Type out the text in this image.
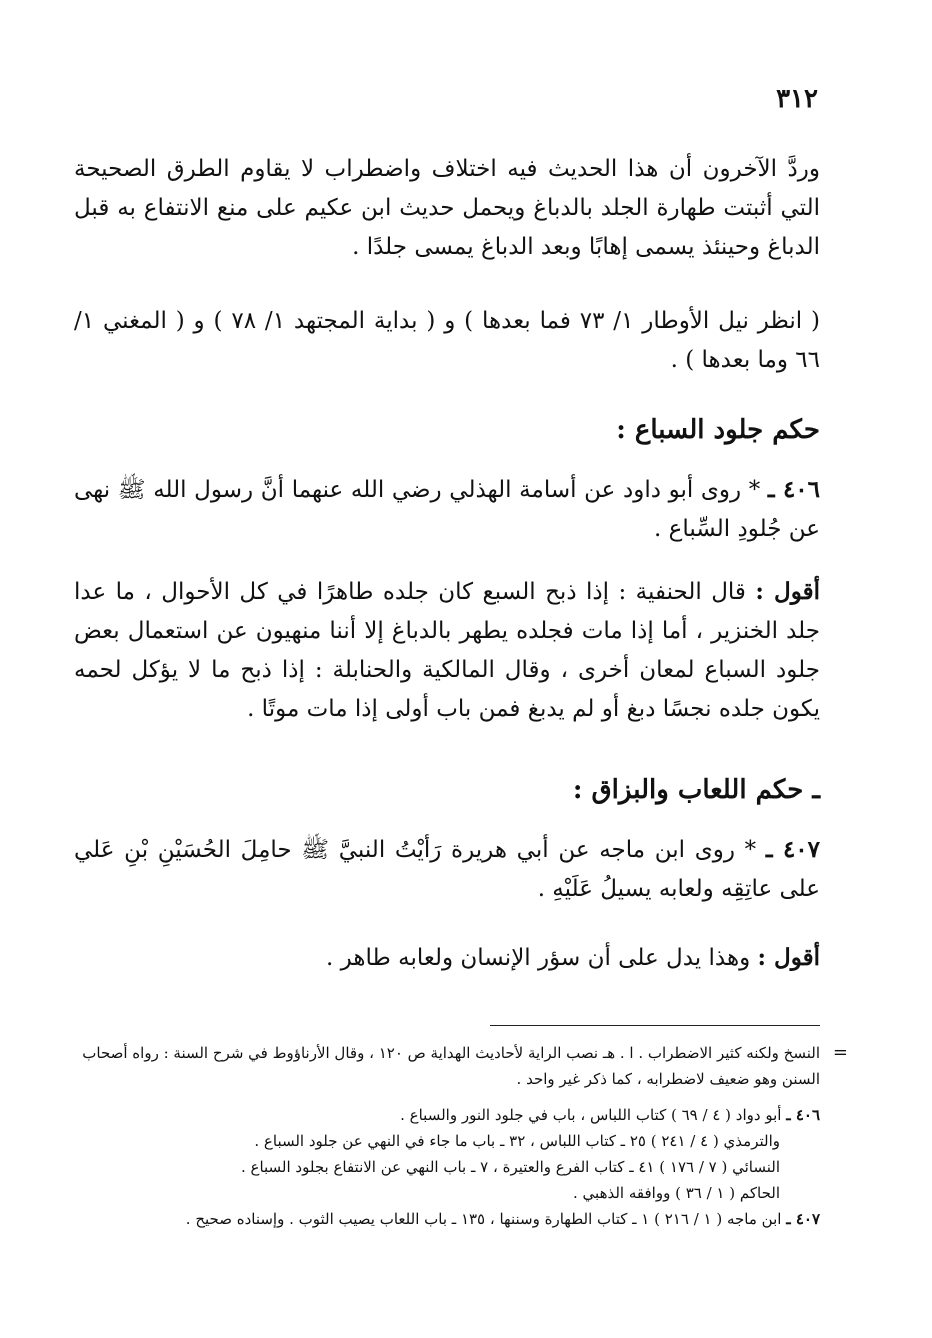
٣١٢

وردَّ الآخرون أن هذا الحديث فيه اختلاف واضطراب لا يقاوم الطرق الصحيحة التي أثبتت طهارة الجلد بالدباغ ويحمل حديث ابن عكيم على منع الانتفاع به قبل الدباغ وحينئذ يسمى إهابًا وبعد الدباغ يمسى جلدًا .

( انظر نيل الأوطار ١/ ٧٣ فما بعدها ) و ( بداية المجتهد ١/ ٧٨ ) و ( المغني ١/ ٦٦ وما بعدها ) .

حكم جلود السباع :

٤٠٦ ـ * روى أبو داود عن أسامة الهذلي رضي الله عنهما أنَّ رسول الله ﷺ نهى عن جُلودِ السِّباع .

أقول : قال الحنفية : إذا ذبح السبع كان جلده طاهرًا في كل الأحوال ، ما عدا جلد الخنزير ، أما إذا مات فجلده يطهر بالدباغ إلا أننا منهيون عن استعمال بعض جلود السباع لمعان أخرى ، وقال المالكية والحنابلة : إذا ذبح ما لا يؤكل لحمه يكون جلده نجسًا دبغ أو لم يدبغ فمن باب أولى إذا مات موتًا .

ـ حكم اللعاب والبزاق :

٤٠٧ ـ * روى ابن ماجه عن أبي هريرة رَأيْتُ النبيَّ ﷺ حامِلَ الحُسَيْنِ بْنِ عَلي على عاتِقِه ولعابه يسيلُ عَلَيْهِ .

أقول : وهذا يدل على أن سؤر الإنسان ولعابه طاهر .

=
النسخ ولكنه كثير الاضطراب . ا . هـ نصب الراية لأحاديث الهداية ص ١٢٠ ، وقال الأرناؤوط في شرح السنة : رواه أصحاب السنن وهو ضعيف لاضطرابه ، كما ذكر غير واحد .
٤٠٦ ـ أبو دواد ( ٤ / ٦٩ ) كتاب اللباس ، باب في جلود النور والسباع .
والترمذي ( ٤ / ٢٤١ ) ٢٥ ـ كتاب اللباس ، ٣٢ ـ باب ما جاء في النهي عن جلود السباع .
النسائي ( ٧ / ١٧٦ ) ٤١ ـ كتاب الفرع والعتيرة ، ٧ ـ باب النهي عن الانتفاع بجلود السباع .
الحاكم ( ١ / ٣٦ ) ووافقه الذهبي .
٤٠٧ ـ ابن ماجه ( ١ / ٢١٦ ) ١ ـ كتاب الطهارة وسننها ، ١٣٥ ـ باب اللعاب يصيب الثوب . وإسناده صحيح .
